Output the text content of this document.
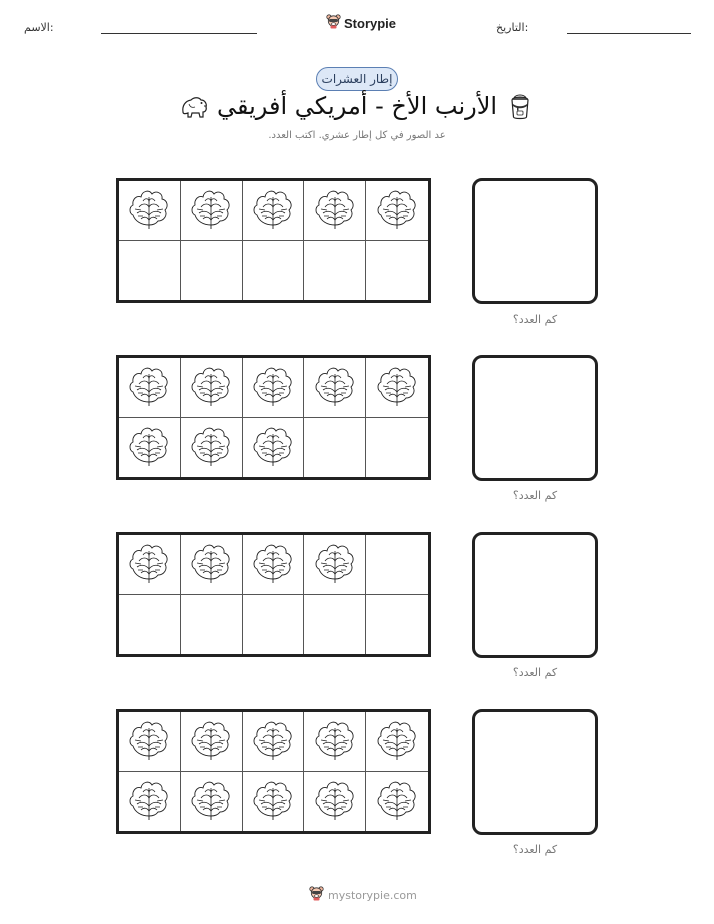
الاسم:	Storypie	التاريخ:
إطار العشرات
الأرنب الأخ - أمريكي أفريقي
عد الصور في كل إطار عشري. اكتب العدد.
كم العدد؟
كم العدد؟
كم العدد؟
كم العدد؟
mystorypie.com
